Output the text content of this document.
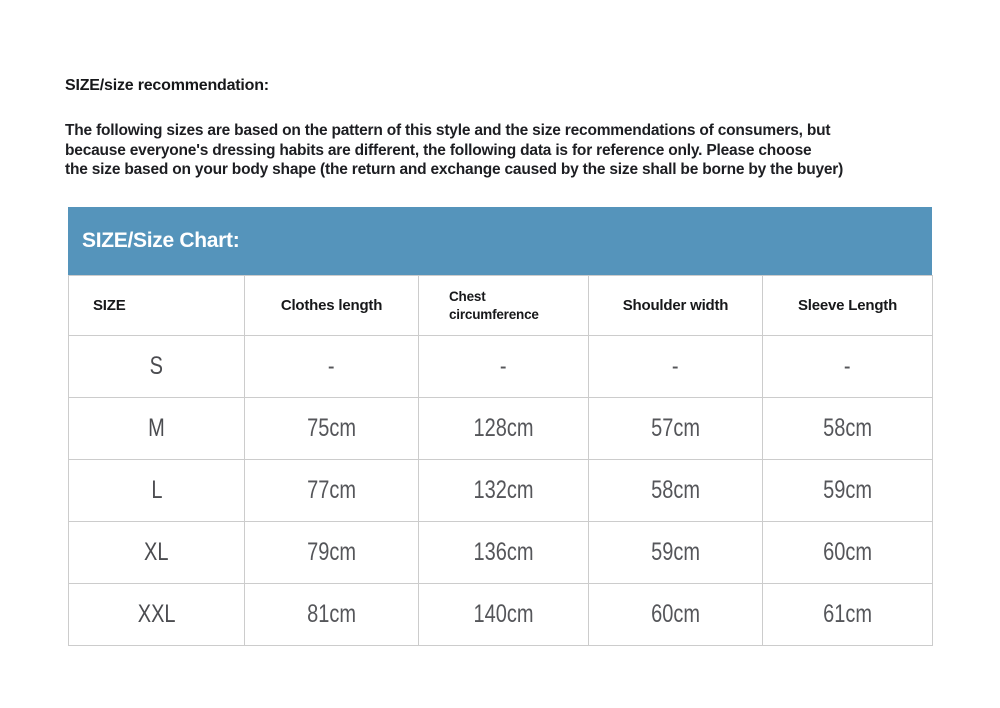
SIZE/size recommendation:
The following sizes are based on the pattern of this style and the size recommendations of consumers, but
because everyone's dressing habits are different, the following data is for reference only. Please choose
the size based on your body shape (the return and exchange caused by the size shall be borne by the buyer)
SIZE/Size Chart:
SIZE	Clothes length	Chest circumference	Shoulder width	Sleeve Length
S	-	-	-	-
M	75cm	128cm	57cm	58cm
L	77cm	132cm	58cm	59cm
XL	79cm	136cm	59cm	60cm
XXL	81cm	140cm	60cm	61cm
